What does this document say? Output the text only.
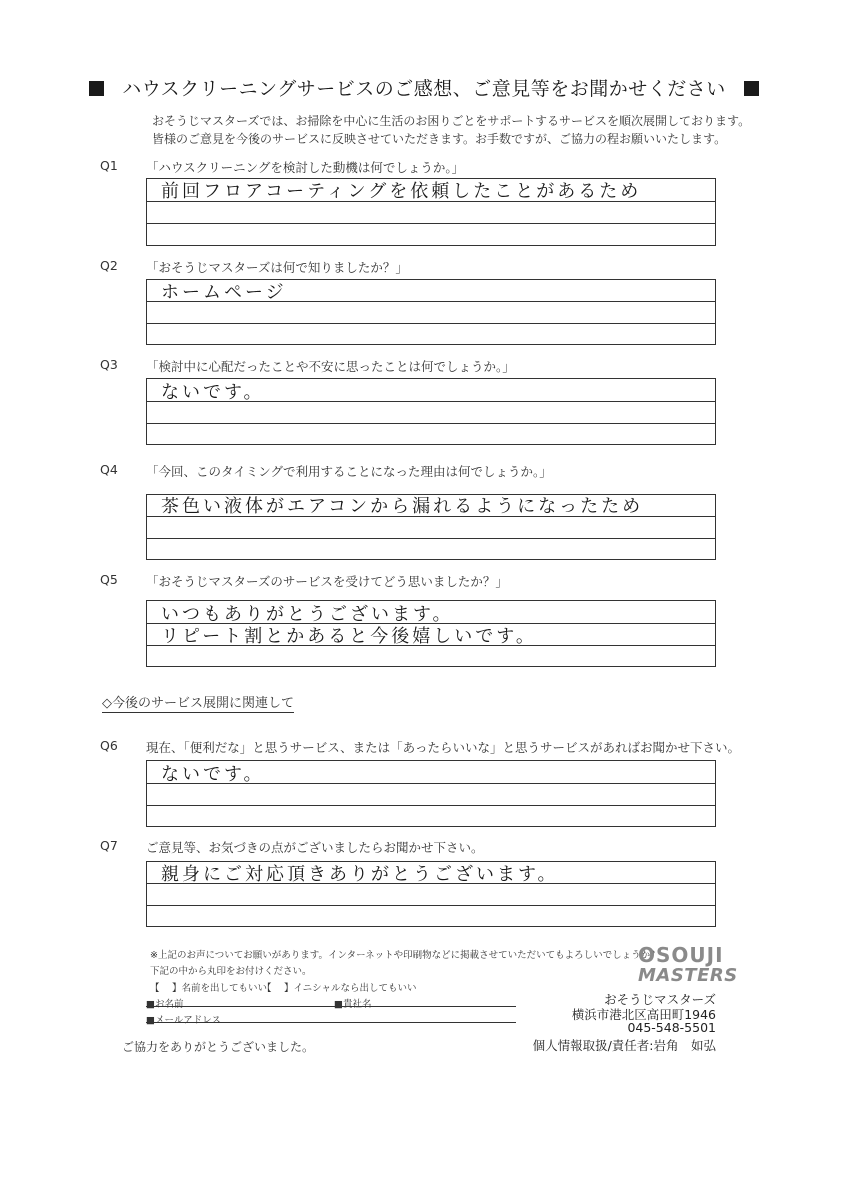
ハウスクリーニングサービスのご感想、ご意見等をお聞かせください
おそうじマスターズでは、お掃除を中心に生活のお困りごとをサポートするサービスを順次展開しております。
皆様のご意見を今後のサービスに反映させていただきます。お手数ですが、ご協力の程お願いいたします。
Q1 「ハウスクリーニングを検討した動機は何でしょうか。」
前回フロアコーティングを依頼したことがあるため
Q2 「おそうじマスターズは何で知りましたか？」
ホームページ
Q3 「検討中に心配だったことや不安に思ったことは何でしょうか。」
ないです。
Q4 「今回、このタイミングで利用することになった理由は何でしょうか。」
茶色い液体がエアコンから漏れるようになったため
Q5 「おそうじマスターズのサービスを受けてどう思いましたか？」
いつもありがとうございます。
リピート割とかあると今後嬉しいです。
◇今後のサービス展開に関連して
Q6 現在、「便利だな」と思うサービス、または「あったらいいな」と思うサービスがあればお聞かせ下さい。
ないです。
Q7 ご意見等、お気づきの点がございましたらお聞かせ下さい。
親身にご対応頂きありがとうございます。
※上記のお声についてお願いがあります。インターネットや印刷物などに掲載させていただいてもよろしいでしょうか？
下記の中から丸印をお付けください。
【　 】名前を出してもいい
【　 】イニシャルなら出してもいい
■お名前	■貴社名
■メールアドレス
OSOUJI
MASTERS
おそうじマスターズ
横浜市港北区高田町1946
045-548-5501
個人情報取扱/責任者:岩角　如弘
ご協力をありがとうございました。
